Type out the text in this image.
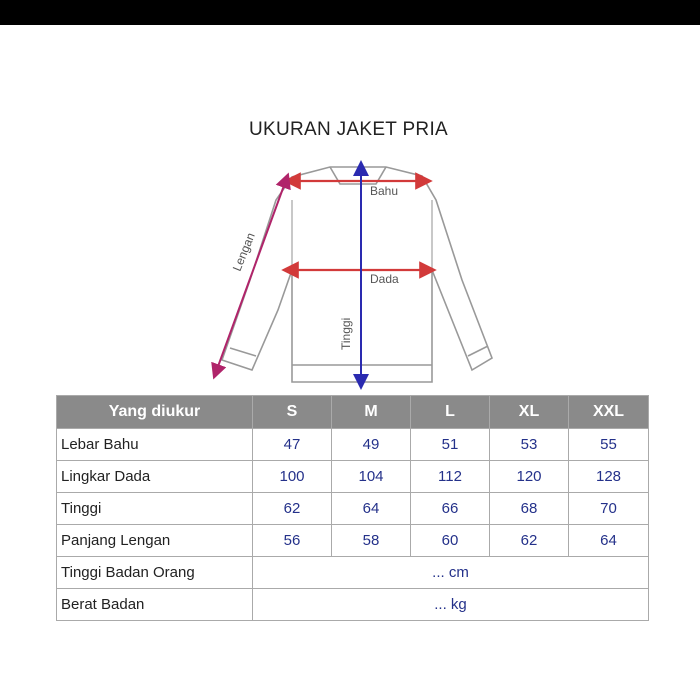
UKURAN JAKET PRIA
Bahu
Dada
Tinggi
Lengan
Yang diukur	S	M	L	XL	XXL
Lebar Bahu	47	49	51	53	55
Lingkar Dada	100	104	112	120	128
Tinggi	62	64	66	68	70
Panjang Lengan	56	58	60	62	64
Tinggi Badan Orang	... cm				
Berat Badan	... kg				
